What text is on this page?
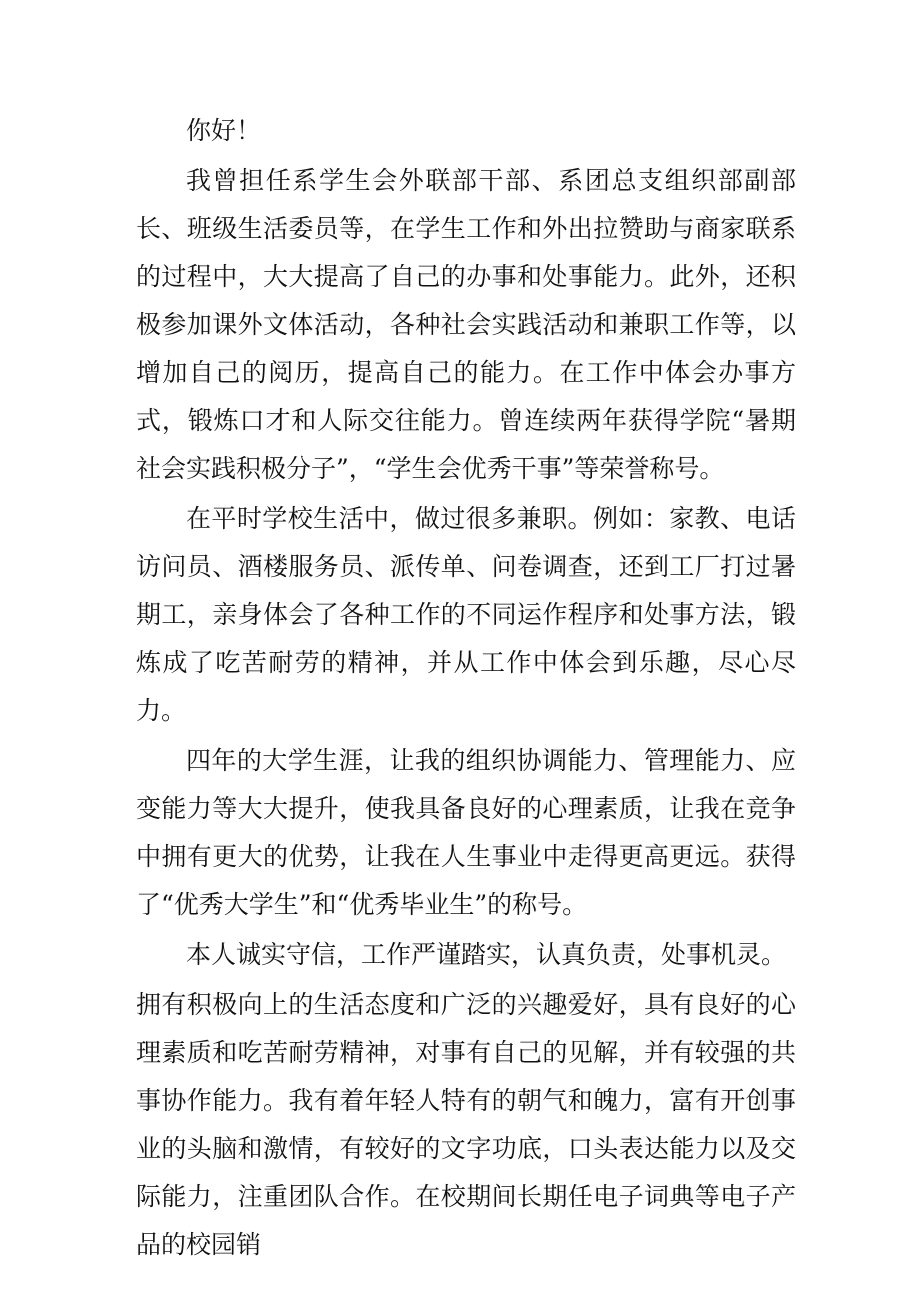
你好！

我曾担任系学生会外联部干部、系团总支组织部副部长、班级生活委员等，在学生工作和外出拉赞助与商家联系的过程中，大大提高了自己的办事和处事能力。此外，还积极参加课外文体活动，各种社会实践活动和兼职工作等，以增加自己的阅历，提高自己的能力。在工作中体会办事方式，锻炼口才和人际交往能力。曾连续两年获得学院“暑期社会实践积极分子”，“学生会优秀干事”等荣誉称号。

在平时学校生活中，做过很多兼职。例如：家教、电话访问员、酒楼服务员、派传单、问卷调查，还到工厂打过暑期工，亲身体会了各种工作的不同运作程序和处事方法，锻炼成了吃苦耐劳的精神，并从工作中体会到乐趣，尽心尽力。

四年的大学生涯，让我的组织协调能力、管理能力、应变能力等大大提升，使我具备良好的心理素质，让我在竞争中拥有更大的优势，让我在人生事业中走得更高更远。获得了“优秀大学生”和“优秀毕业生”的称号。

本人诚实守信，工作严谨踏实，认真负责，处事机灵。

拥有积极向上的生活态度和广泛的兴趣爱好，具有良好的心理素质和吃苦耐劳精神，对事有自己的见解，并有较强的共事协作能力。我有着年轻人特有的朝气和魄力，富有开创事业的头脑和激情，有较好的文字功底，口头表达能力以及交际能力，注重团队合作。在校期间长期任电子词典等电子产品的校园销
